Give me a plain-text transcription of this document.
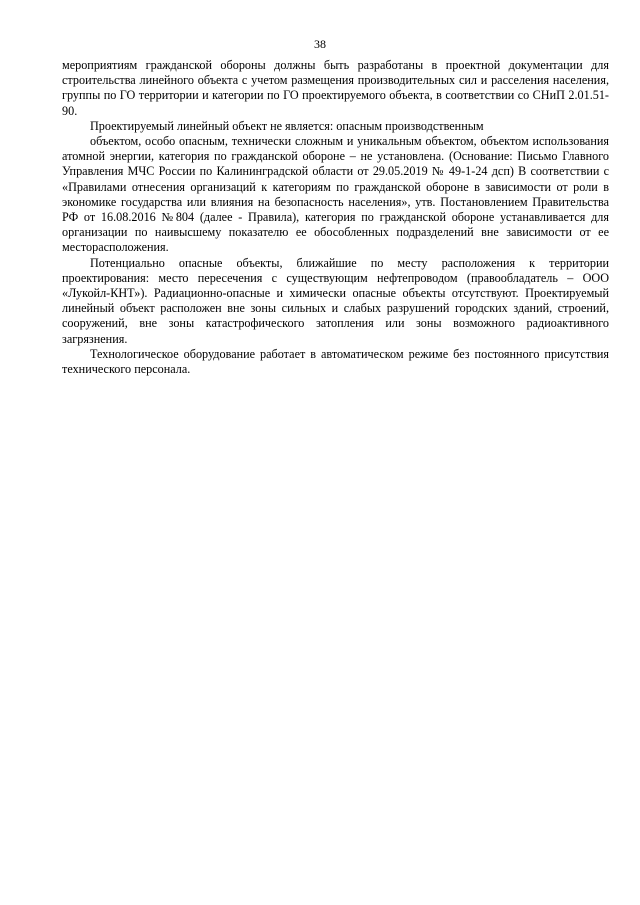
38

мероприятиям гражданской обороны должны быть разработаны в проектной документации для строительства линейного объекта с учетом размещения производительных сил и расселения населения, группы по ГО территории и категории по ГО проектируемого объекта, в соответствии со СНиП 2.01.51-90.

Проектируемый линейный объект не является: опасным производственным

объектом, особо опасным, технически сложным и уникальным объектом, объектом использования атомной энергии, категория по гражданской обороне – не установлена. (Основание: Письмо Главного Управления МЧС России по Калининградской области от 29.05.2019 № 49-1-24 дсп) В соответствии с «Правилами отнесения организаций к категориям по гражданской обороне в зависимости от роли в экономике государства или влияния на безопасность населения», утв. Постановлением Правительства РФ от 16.08.2016 №804 (далее - Правила), категория по гражданской обороне устанавливается для организации по наивысшему показателю ее обособленных подразделений вне зависимости от ее месторасположения.

Потенциально опасные объекты, ближайшие по месту расположения к территории проектирования: место пересечения с существующим нефтепроводом (правообладатель – ООО «Лукойл-КНТ»). Радиационно-опасные и химически опасные объекты отсутствуют. Проектируемый линейный объект расположен вне зоны сильных и слабых разрушений городских зданий, строений, сооружений, вне зоны катастрофического затопления или зоны возможного радиоактивного загрязнения.

Технологическое оборудование работает в автоматическом режиме без постоянного присутствия технического персонала.
